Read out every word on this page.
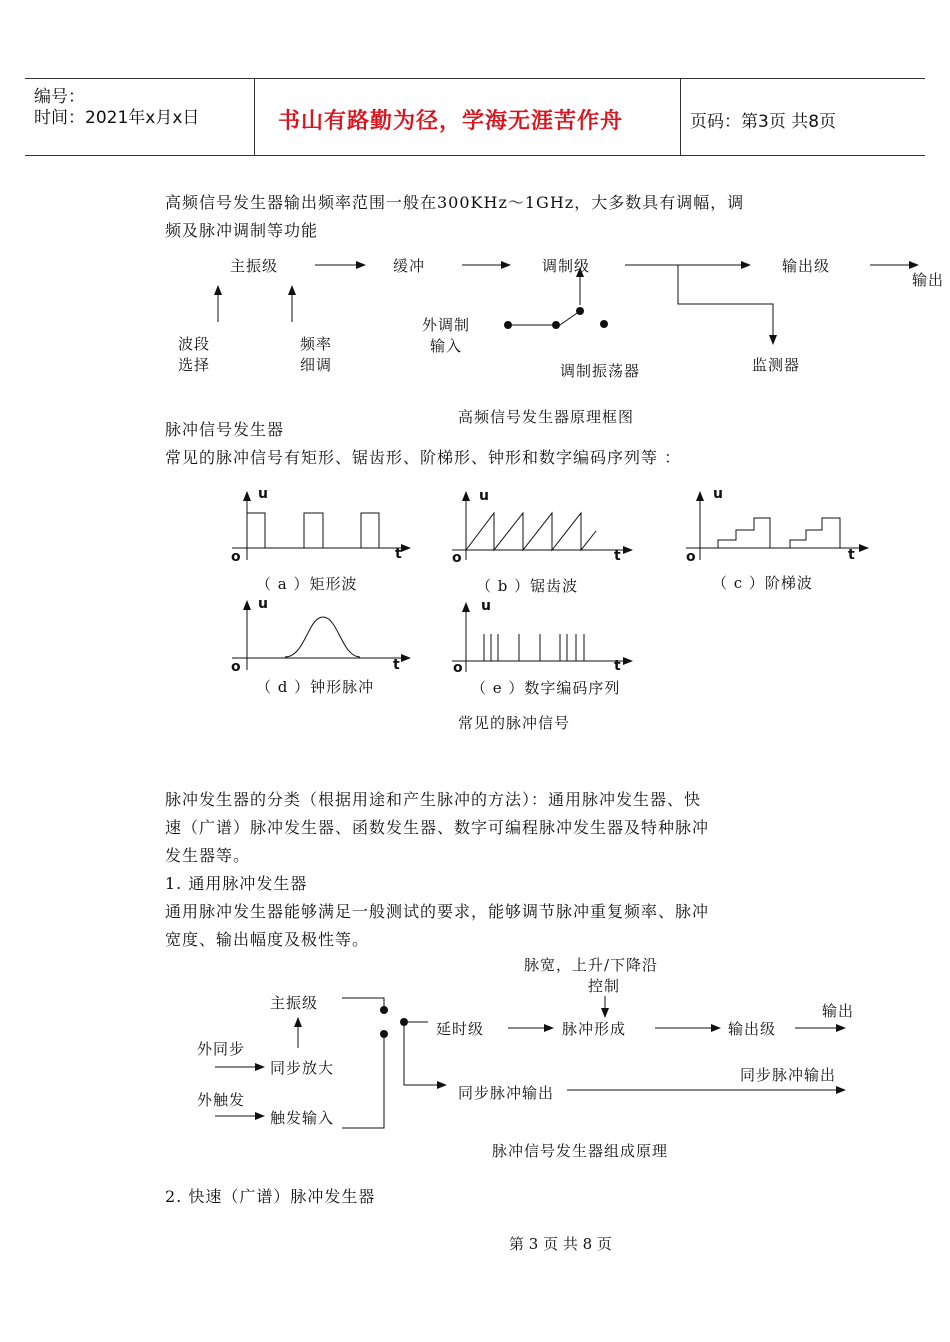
编号：
时间：2021年x月x日	书山有路勤为径，学海无涯苦作舟	页码：第3页 共8页
高频信号发生器输出频率范围一般在300KHz～1GHz，大多数具有调幅，调
频及脉冲调制等功能
主振级	缓冲	调制级	输出级
输出
波段
选择
频率
细调
外调制
输入
调制振荡器	监测器
高频信号发生器原理框图
脉冲信号发生器
常见的脉冲信号有矩形、锯齿形、阶梯形、钟形和数字编码序列等 ：
u
o	t
（ a ）矩形波
u
o	t
（ b ）锯齿波
u
o	t
（ c ）阶梯波
u
o	t
（ d ）钟形脉冲
u
o	t
（ e ）数字编码序列
常见的脉冲信号
脉冲发生器的分类（根据用途和产生脉冲的方法）：通用脉冲发生器、快
速（广谱）脉冲发生器、函数发生器、数字可编程脉冲发生器及特种脉冲
发生器等。
1. 通用脉冲发生器
通用脉冲发生器能够满足一般测试的要求，能够调节脉冲重复频率、脉冲
宽度、输出幅度及极性等。
脉宽，上升/下降沿
控制
主振级
延时级	脉冲形成	输出级
输出
外同步
同步放大
外触发
触发输入
同步脉冲输出
同步脉冲输出
脉冲信号发生器组成原理
2. 快速（广谱）脉冲发生器
第 3 页 共 8 页
